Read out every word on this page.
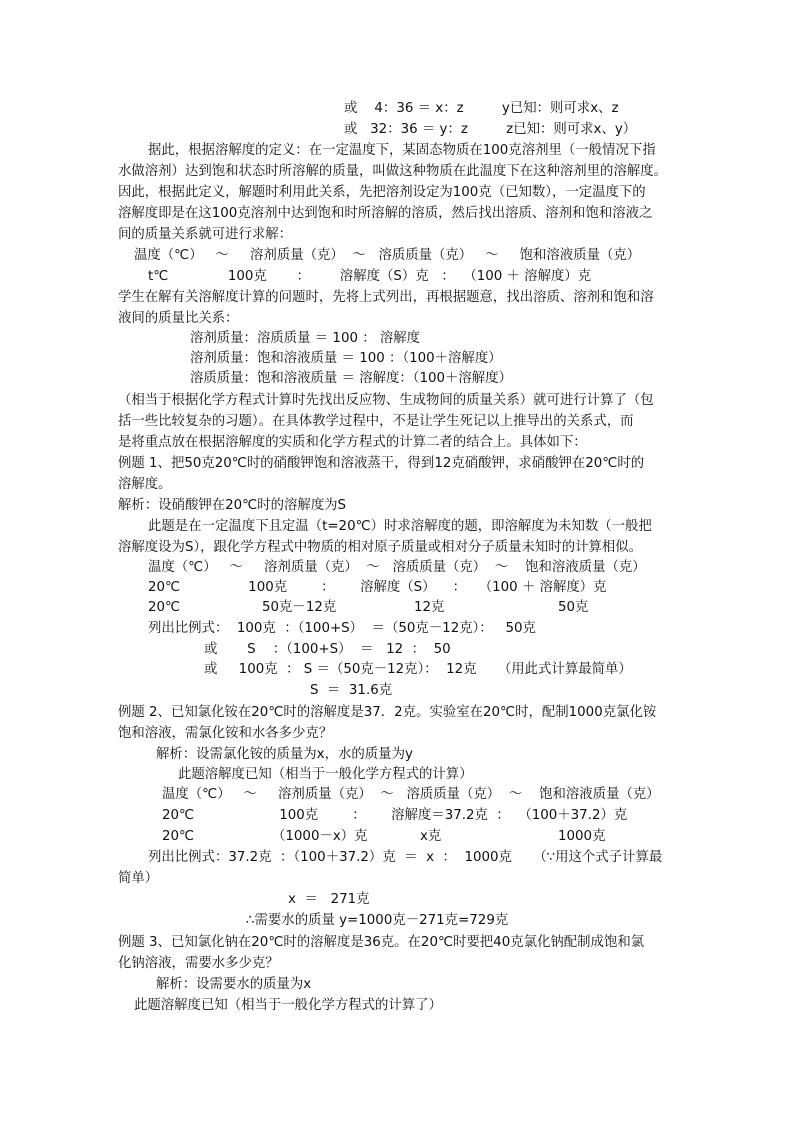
或    4：36 ＝ x：z         y已知：则可求x、z
或   32：36 ＝ y：z         z已知：则可求x、y）
据此，根据溶解度的定义：在一定温度下，某固态物质在100克溶剂里（一般情况下指
水做溶剂）达到饱和状态时所溶解的质量，叫做这种物质在此温度下在这种溶剂里的溶解度。
因此，根据此定义，解题时利用此关系，先把溶剂设定为100克（已知数），一定温度下的
溶解度即是在这100克溶剂中达到饱和时所溶解的溶质，然后找出溶质、溶剂和饱和溶液之
间的质量关系就可进行求解：
温度（℃）   ～     溶剂质量（克）  ～   溶质质量（克）   ～     饱和溶液质量（克）
t℃              100克       ：       溶解度（S）克   ：  （100 ＋ 溶解度）克
学生在解有关溶解度计算的问题时，先将上式列出，再根据题意，找出溶质、溶剂和饱和溶
液间的质量比关系：
溶剂质量：溶质质量 ＝ 100 ： 溶解度
溶剂质量：饱和溶液质量 ＝ 100 ：（100＋溶解度）
溶质质量：饱和溶液质量 ＝ 溶解度：（100＋溶解度）
（相当于根据化学方程式计算时先找出反应物、生成物间的质量关系）就可进行计算了（包
括一些比较复杂的习题）。在具体教学过程中，不是让学生死记以上推导出的关系式，而
是将重点放在根据溶解度的实质和化学方程式的计算二者的结合上。具体如下：
例题 1、把50克20℃时的硝酸钾饱和溶液蒸干，得到12克硝酸钾，求硝酸钾在20℃时的
溶解度。
解析：设硝酸钾在20℃时的溶解度为S
此题是在一定温度下且定温（t=20℃）时求溶解度的题，即溶解度为未知数（一般把
溶解度设为S），跟化学方程式中物质的相对原子质量或相对分子质量未知时的计算相似。
温度（℃）   ～     溶剂质量（克）  ～   溶质质量（克）  ～    饱和溶液质量（克）
20℃                100克        ：      溶解度（S）    ：   （100 ＋ 溶解度）克
20℃	50克－12克	12克	50克
列出比例式：  100克  ：（100+S）  ＝（50克－12克）：   50克
或       S    ：（100+S）  ＝   12  ：  50
或     100克  ： S ＝（50克－12克）：  12克     （用此式计算最简单）
S  ＝  31.6克
例题 2、已知氯化铵在20℃时的溶解度是37．2克。实验室在20℃时，配制1000克氯化铵
饱和溶液，需氯化铵和水各多少克？
解析：设需氯化铵的质量为x，水的质量为y
此题溶解度已知（相当于一般化学方程式的计算）
温度（℃）   ～     溶剂质量（克）  ～   溶质质量（克）  ～    饱和溶液质量（克）
20℃                    100克        ：      溶解度＝37.2克  ：  （100＋37.2）克
20℃	（1000－x）克	x克	1000克
列出比例式：37.2克  ：（100＋37.2）克  ＝  x  ：  1000克     （∵用这个式子计算最
简单）
x  ＝   271克
∴需要水的质量 y=1000克－271克=729克
例题 3、已知氯化钠在20℃时的溶解度是36克。在20℃时要把40克氯化钠配制成饱和氯
化钠溶液，需要水多少克？
解析：设需要水的质量为x
此题溶解度已知（相当于一般化学方程式的计算了）
